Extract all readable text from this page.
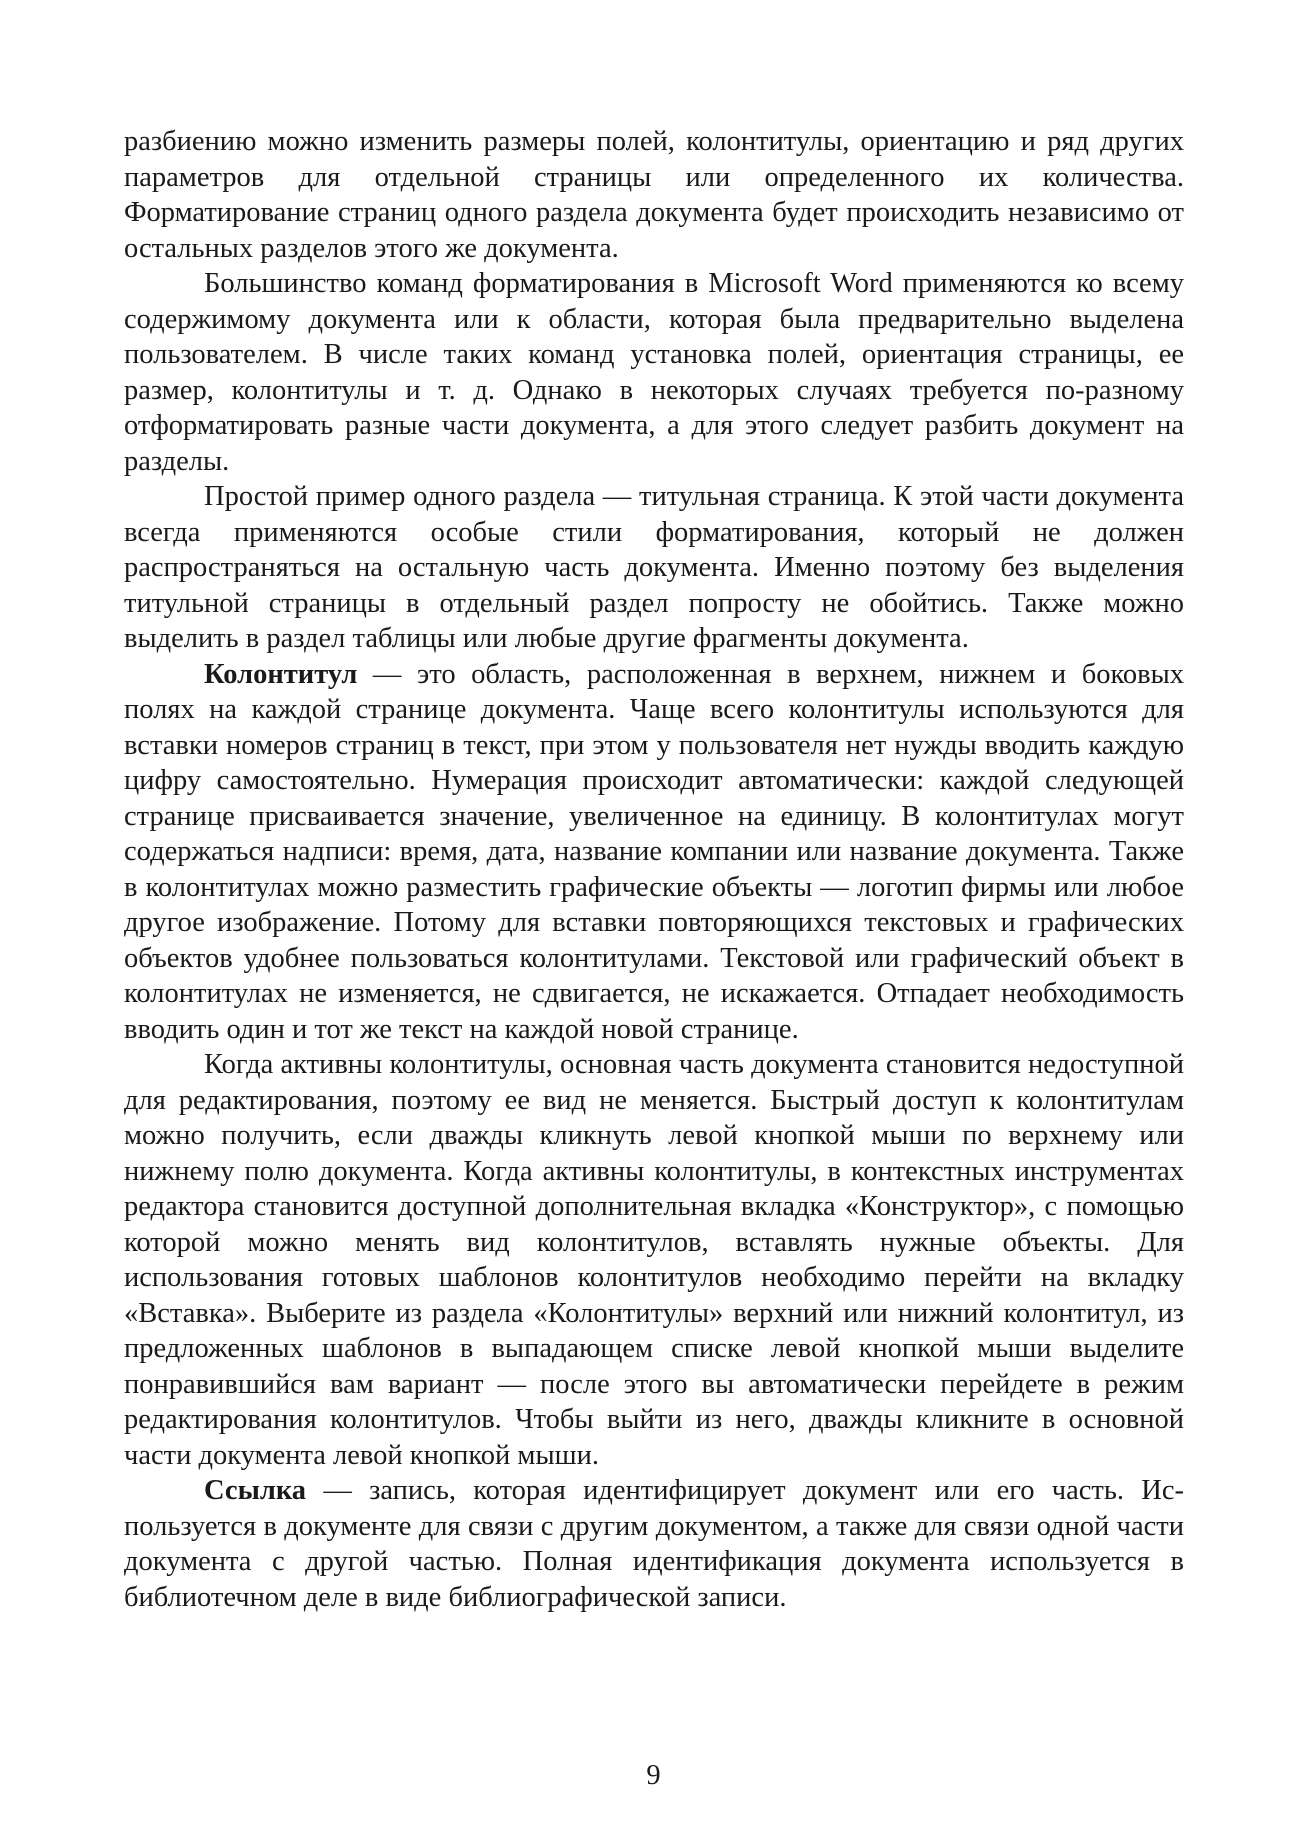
разбиению можно изменить размеры полей, колонтитулы, ориентацию и ряд других параметров для отдельной страницы или определенного их количества. Форматирование страниц одного раздела документа будет происходить независимо от остальных разделов этого же документа.

Большинство команд форматирования в Microsoft Word применяются ко всему содержимому документа или к области, которая была предварительно выделена пользователем. В числе таких команд установка полей, ориентация страницы, ее размер, колонтитулы и т. д. Однако в некоторых случаях требуется по-разному отформатировать разные части документа, а для этого следует разбить документ на разделы.

Простой пример одного раздела — титульная страница. К этой части документа всегда применяются особые стили форматирования, который не должен распространяться на остальную часть документа. Именно поэтому без выделения титульной страницы в отдельный раздел попросту не обойтись. Также можно выделить в раздел таблицы или любые другие фрагменты документа.

Колонтитул — это область, расположенная в верхнем, нижнем и боковых полях на каждой странице документа. Чаще всего колонтитулы используются для вставки номеров страниц в текст, при этом у пользователя нет нужды вводить каждую цифру самостоятельно. Нумерация происходит автоматически: каждой следующей странице присваивается значение, увеличенное на единицу. В колонтитулах могут содержаться надписи: время, дата, название компании или название документа. Также в колонтитулах можно разместить графические объекты — логотип фирмы или любое другое изображение. Потому для вставки повторяющихся текстовых и графических объектов удобнее пользоваться колонтитулами. Текстовой или графический объект в колонтитулах не изменяется, не сдвигается, не искажается. Отпадает необходимость вводить один и тот же текст на каждой новой странице.

Когда активны колонтитулы, основная часть документа становится недоступной для редактирования, поэтому ее вид не меняется. Быстрый доступ к колонтитулам можно получить, если дважды кликнуть левой кнопкой мыши по верхнему или нижнему полю документа. Когда активны колонтитулы, в контекстных инструментах редактора становится доступной дополнительная вкладка «Конструктор», с помощью которой можно менять вид колонтитулов, вставлять нужные объекты. Для использования готовых шаблонов колонтитулов необходимо перейти на вкладку «Вставка». Выберите из раздела «Колонтитулы» верхний или нижний колонтитул, из предложенных шаблонов в выпадающем списке левой кнопкой мыши выделите понравившийся вам вариант — после этого вы автоматически перейдете в режим редактирования колонтитулов. Чтобы выйти из него, дважды кликните в основной части документа левой кнопкой мыши.

Ссылка — запись, которая идентифицирует документ или его часть. Используется в документе для связи с другим документом, а также для связи одной части документа с другой частью. Полная идентификация документа используется в библиотечном деле в виде библиографической записи.

9
